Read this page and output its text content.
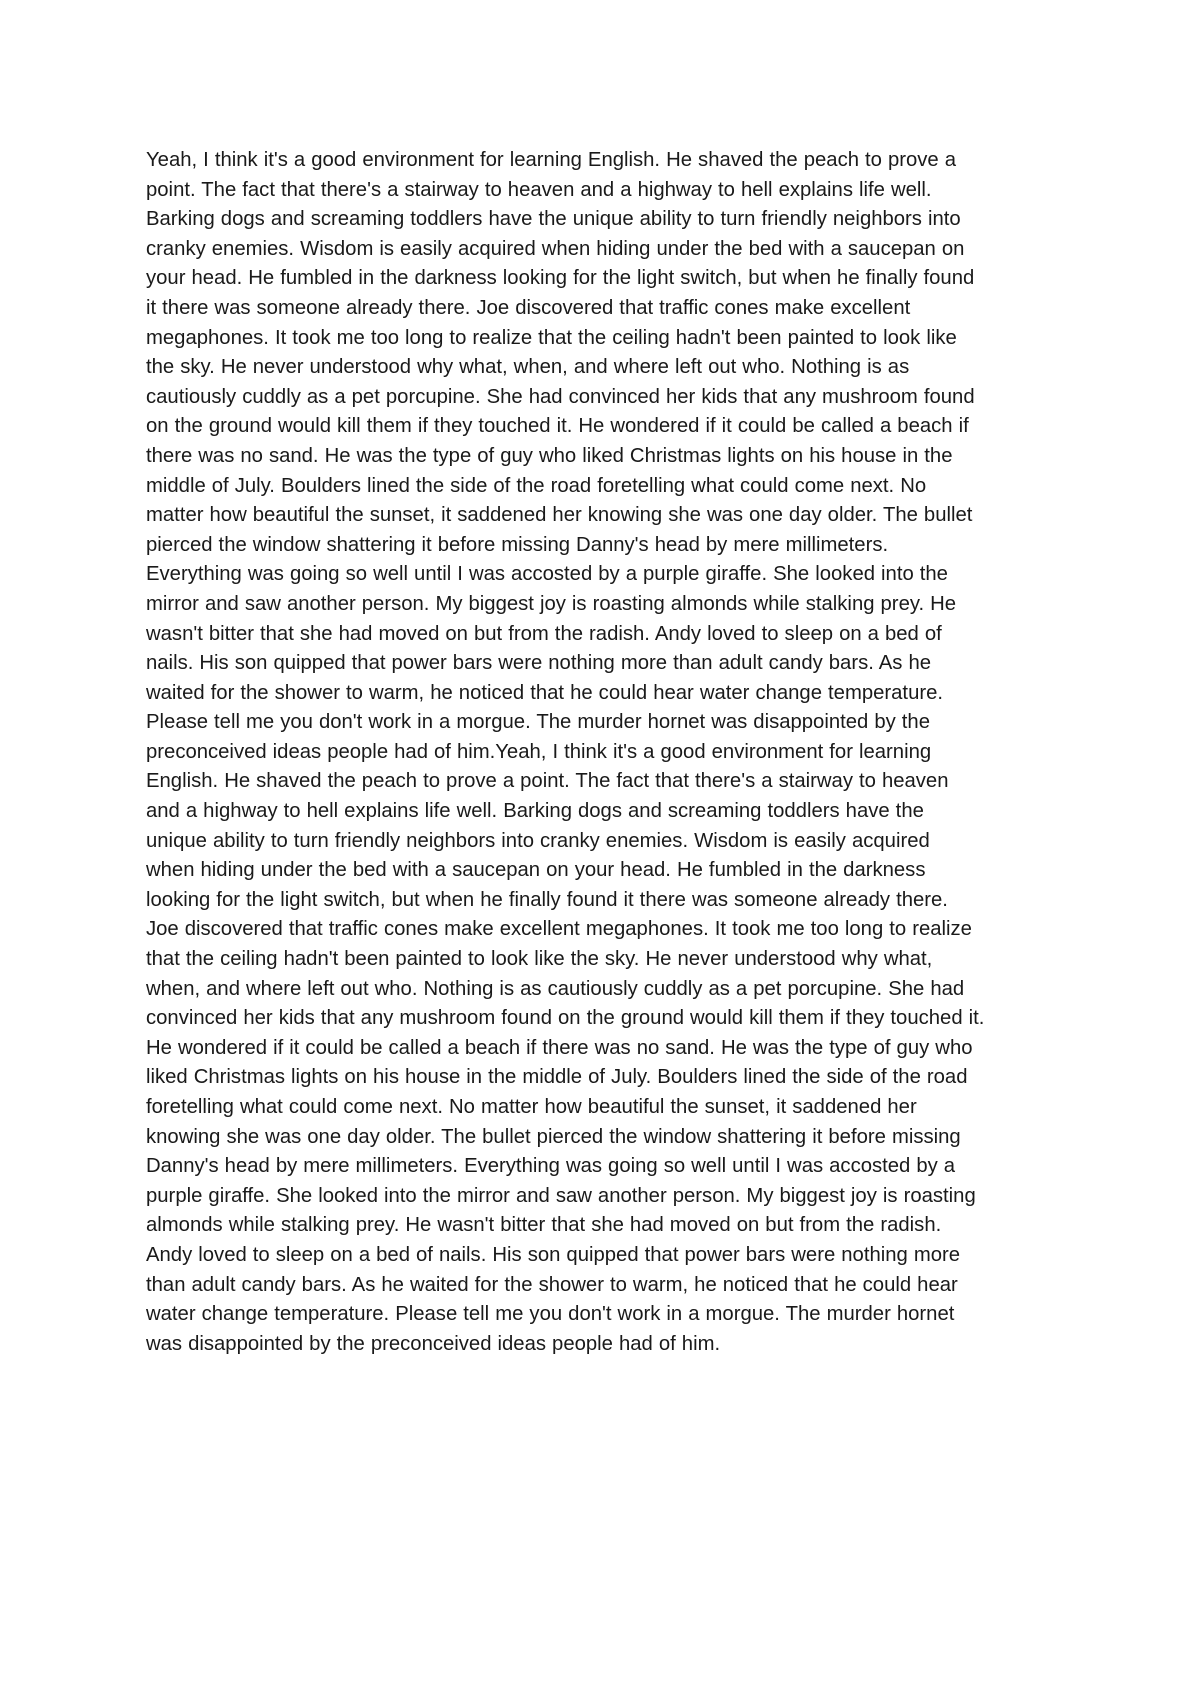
Yeah, I think it's a good environment for learning English. He shaved the peach to prove a
point. The fact that there's a stairway to heaven and a highway to hell explains life well.
Barking dogs and screaming toddlers have the unique ability to turn friendly neighbors into
cranky enemies. Wisdom is easily acquired when hiding under the bed with a saucepan on
your head. He fumbled in the darkness looking for the light switch, but when he finally found
it there was someone already there. Joe discovered that traffic cones make excellent
megaphones. It took me too long to realize that the ceiling hadn't been painted to look like
the sky. He never understood why what, when, and where left out who. Nothing is as
cautiously cuddly as a pet porcupine. She had convinced her kids that any mushroom found
on the ground would kill them if they touched it. He wondered if it could be called a beach if
there was no sand. He was the type of guy who liked Christmas lights on his house in the
middle of July. Boulders lined the side of the road foretelling what could come next. No
matter how beautiful the sunset, it saddened her knowing she was one day older. The bullet
pierced the window shattering it before missing Danny's head by mere millimeters.
Everything was going so well until I was accosted by a purple giraffe. She looked into the
mirror and saw another person. My biggest joy is roasting almonds while stalking prey. He
wasn't bitter that she had moved on but from the radish. Andy loved to sleep on a bed of
nails. His son quipped that power bars were nothing more than adult candy bars. As he
waited for the shower to warm, he noticed that he could hear water change temperature.
Please tell me you don't work in a morgue. The murder hornet was disappointed by the
preconceived ideas people had of him.Yeah, I think it's a good environment for learning
English. He shaved the peach to prove a point. The fact that there's a stairway to heaven
and a highway to hell explains life well. Barking dogs and screaming toddlers have the
unique ability to turn friendly neighbors into cranky enemies. Wisdom is easily acquired
when hiding under the bed with a saucepan on your head. He fumbled in the darkness
looking for the light switch, but when he finally found it there was someone already there.
Joe discovered that traffic cones make excellent megaphones. It took me too long to realize
that the ceiling hadn't been painted to look like the sky. He never understood why what,
when, and where left out who. Nothing is as cautiously cuddly as a pet porcupine. She had
convinced her kids that any mushroom found on the ground would kill them if they touched it.
He wondered if it could be called a beach if there was no sand. He was the type of guy who
liked Christmas lights on his house in the middle of July. Boulders lined the side of the road
foretelling what could come next. No matter how beautiful the sunset, it saddened her
knowing she was one day older. The bullet pierced the window shattering it before missing
Danny's head by mere millimeters. Everything was going so well until I was accosted by a
purple giraffe. She looked into the mirror and saw another person. My biggest joy is roasting
almonds while stalking prey. He wasn't bitter that she had moved on but from the radish.
Andy loved to sleep on a bed of nails. His son quipped that power bars were nothing more
than adult candy bars. As he waited for the shower to warm, he noticed that he could hear
water change temperature. Please tell me you don't work in a morgue. The murder hornet
was disappointed by the preconceived ideas people had of him.
